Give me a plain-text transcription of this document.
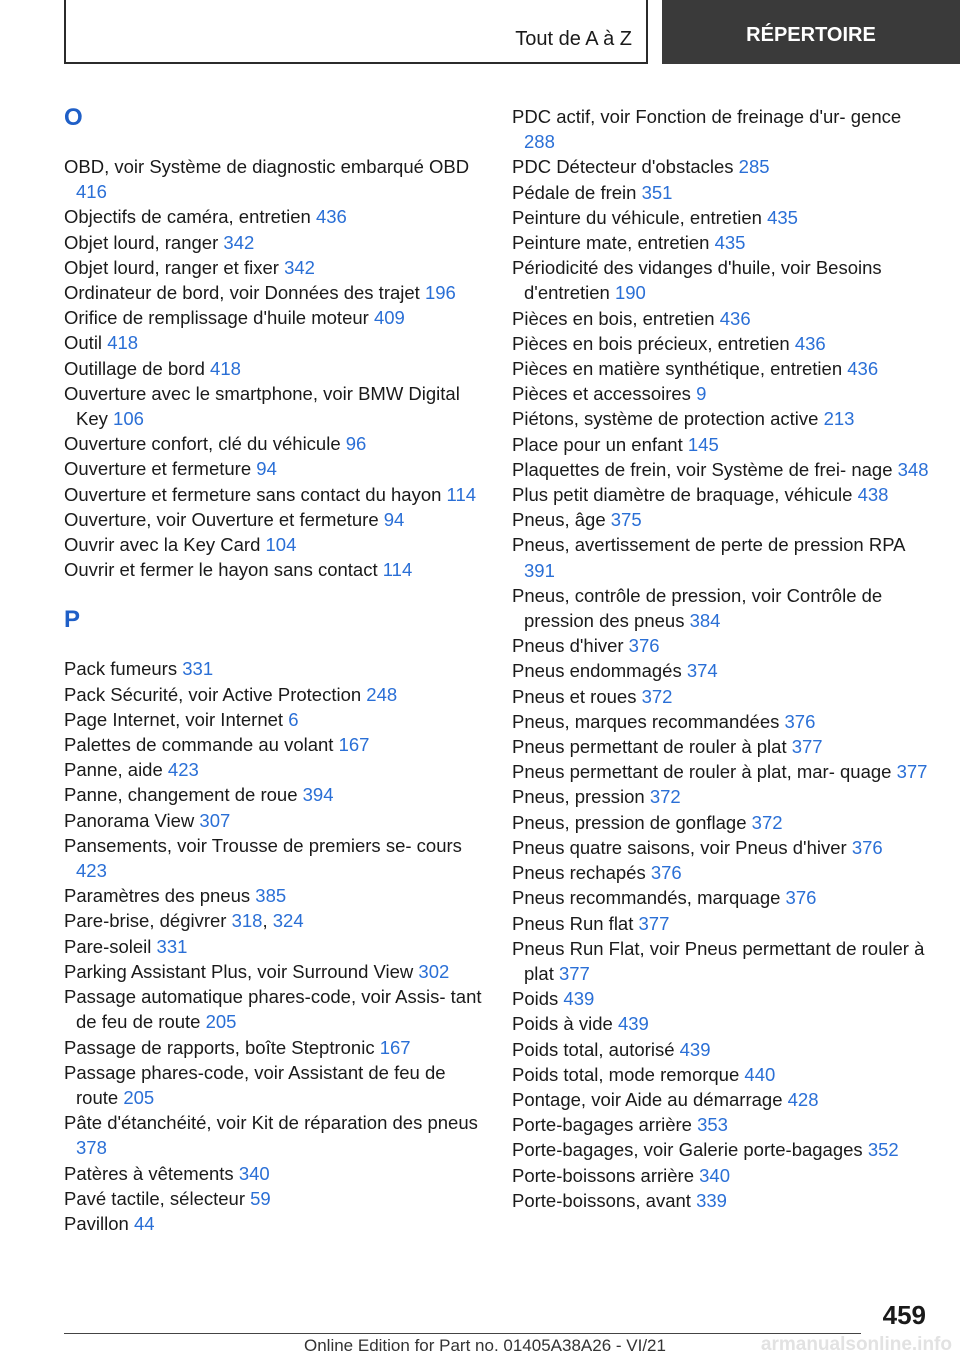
Tout de A à Z	RÉPERTOIRE
O

OBD, voir Système de diagnostic embarqué OBD 416

Objectifs de caméra, entretien 436

Objet lourd, ranger 342

Objet lourd, ranger et fixer 342

Ordinateur de bord, voir Données des trajet 196

Orifice de remplissage d'huile moteur 409

Outil 418

Outillage de bord 418

Ouverture avec le smartphone, voir BMW Digital Key 106

Ouverture confort, clé du véhicule 96

Ouverture et fermeture 94

Ouverture et fermeture sans contact du hayon 114

Ouverture, voir Ouverture et fermeture 94

Ouvrir avec la Key Card 104

Ouvrir et fermer le hayon sans contact 114

P

Pack fumeurs 331

Pack Sécurité, voir Active Protection 248

Page Internet, voir Internet 6

Palettes de commande au volant 167

Panne, aide 423

Panne, changement de roue 394

Panorama View 307

Pansements, voir Trousse de premiers se- cours 423

Paramètres des pneus 385

Pare-brise, dégivrer 318, 324

Pare-soleil 331

Parking Assistant Plus, voir Surround View 302

Passage automatique phares-code, voir Assis- tant de feu de route 205

Passage de rapports, boîte Steptronic 167

Passage phares-code, voir Assistant de feu de route 205

Pâte d'étanchéité, voir Kit de réparation des pneus 378

Patères à vêtements 340

Pavé tactile, sélecteur 59

Pavillon 44

PDC actif, voir Fonction de freinage d'ur- gence 288

PDC Détecteur d'obstacles 285

Pédale de frein 351

Peinture du véhicule, entretien 435

Peinture mate, entretien 435

Périodicité des vidanges d'huile, voir Besoins d'entretien 190

Pièces en bois, entretien 436

Pièces en bois précieux, entretien 436

Pièces en matière synthétique, entretien 436

Pièces et accessoires 9

Piétons, système de protection active 213

Place pour un enfant 145

Plaquettes de frein, voir Système de frei- nage 348

Plus petit diamètre de braquage, véhicule 438

Pneus, âge 375

Pneus, avertissement de perte de pression RPA 391

Pneus, contrôle de pression, voir Contrôle de pression des pneus 384

Pneus d'hiver 376

Pneus endommagés 374

Pneus et roues 372

Pneus, marques recommandées 376

Pneus permettant de rouler à plat 377

Pneus permettant de rouler à plat, mar- quage 377

Pneus, pression 372

Pneus, pression de gonflage 372

Pneus quatre saisons, voir Pneus d'hiver 376

Pneus rechapés 376

Pneus recommandés, marquage 376

Pneus Run flat 377

Pneus Run Flat, voir Pneus permettant de rouler à plat 377

Poids 439

Poids à vide 439

Poids total, autorisé 439

Poids total, mode remorque 440

Pontage, voir Aide au démarrage 428

Porte-bagages arrière 353

Porte-bagages, voir Galerie porte-bagages 352

Porte-boissons arrière 340

Porte-boissons, avant 339

459
Online Edition for Part no. 01405A38A26 - VI/21	armanualsonline.info
